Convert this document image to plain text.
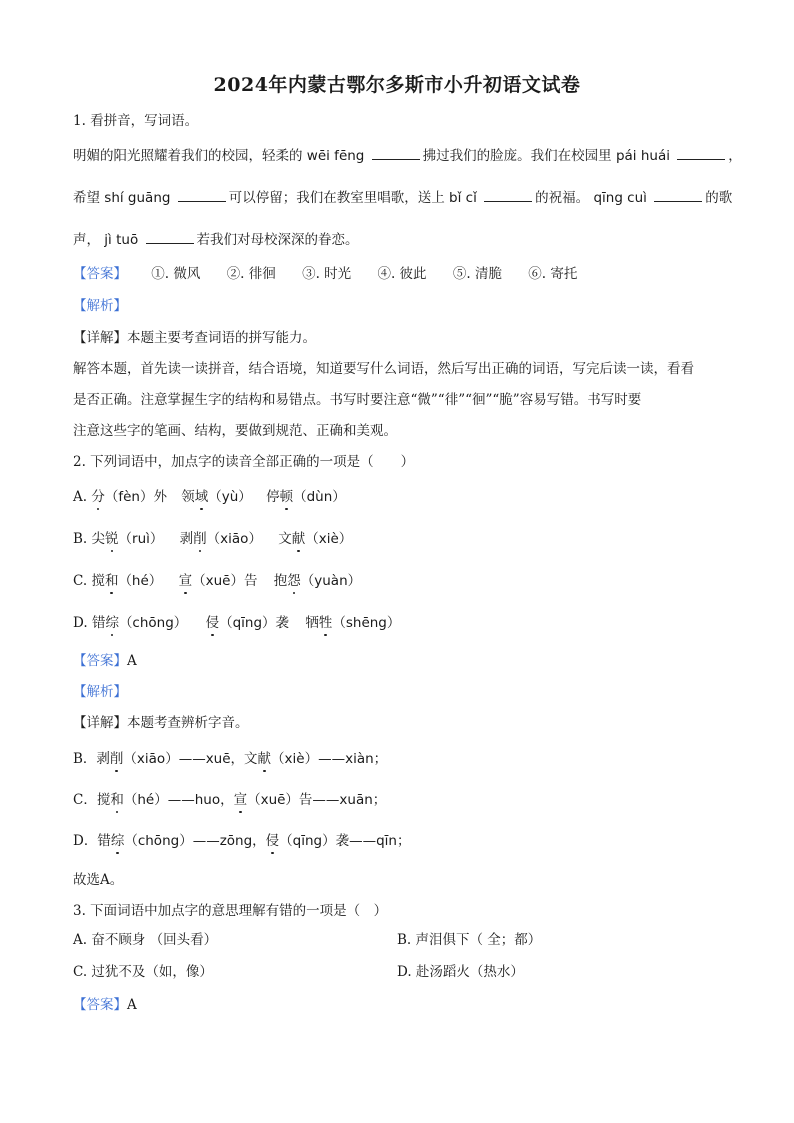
2024年内蒙古鄂尔多斯市小升初语文试卷
1. 看拼音，写词语。
明媚的阳光照耀着我们的校园，轻柔的 wēi fēng	拂过我们的脸庞。我们在校园里 pái huái	，
希望 shí guāng	可以停留；我们在教室里唱歌，送上 bǐ cǐ	的祝福。 qīng cuì	的歌
声， jì tuō	若我们对母校深深的眷恋。
【答案】 ①. 微风 ②. 徘徊 ③. 时光 ④. 彼此 ⑤. 清脆 ⑥. 寄托
【解析】
【详解】本题主要考查词语的拼写能力。
解答本题，首先读一读拼音，结合语境，知道要写什么词语，然后写出正确的词语，写完后读一读，看看
是否正确。注意掌握生字的结构和易错点。书写时要注意“微”“徘”“徊”“脆”容易写错。书写时要
注意这些字的笔画、结构，要做到规范、正确和美观。
2. 下列词语中，加点字的读音全部正确的一项是（　　）
A. 分（fèn）外 领域（yù） 停顿（dùn）
B. 尖锐（ruì） 剥削（xiāo） 文献（xiè）
C. 搅和（hé） 宣（xuē）告 抱怨（yuàn）
D. 错综（chōng） 侵（qīng）袭 牺牲（shēng）
【答案】A
【解析】
【详解】本题考查辨析字音。
B．剥削（xiāo）——xuē，文献（xiè）——xiàn；
C．搅和（hé）——huo，宣（xuē）告——xuān；
D．错综（chōng）——zōng，侵（qīng）袭——qīn；
故选A。
3. 下面词语中加点字的意思理解有错的一项是（　）
A. 奋不顾身 （回头看）	B. 声泪俱下（ 全；都）
C. 过犹不及（如，像）	D. 赴汤蹈火（热水）
【答案】A
